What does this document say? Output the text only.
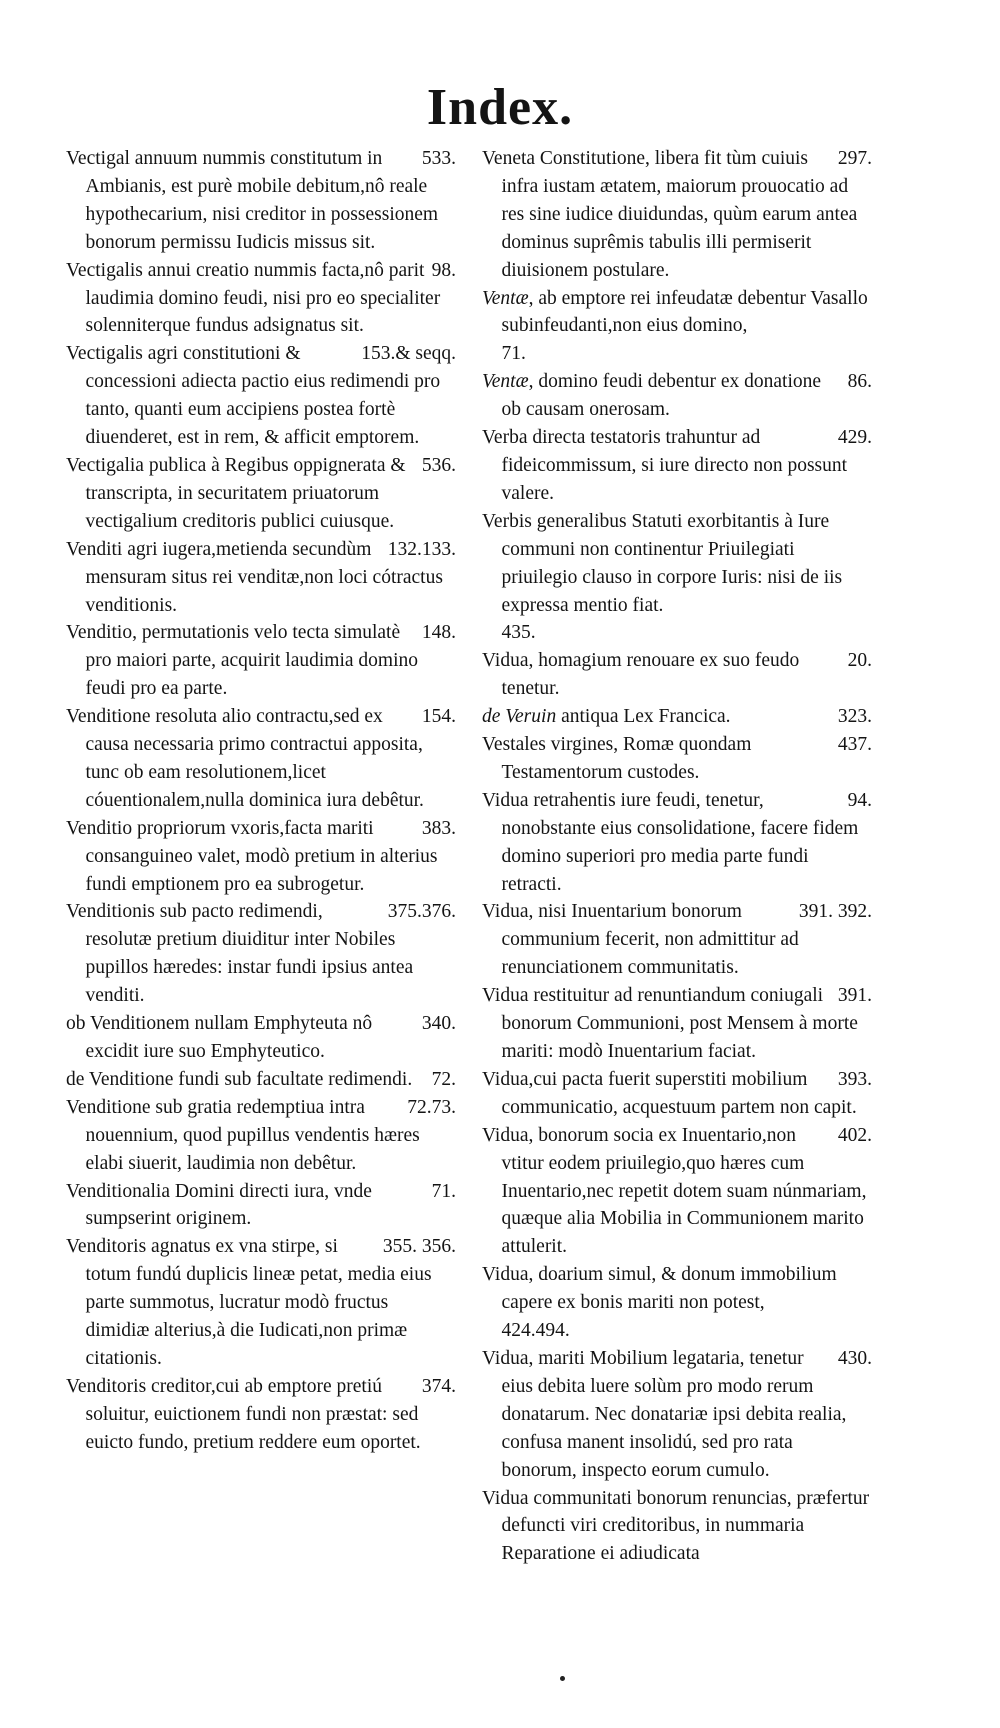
Index.

533.
Vectigal annuum nummis constitutum in Ambianis, est purè mobile debitum,nô reale hypothecarium, nisi creditor in possessionem bonorum permissu Iudicis missus sit.

98.
Vectigalis annui creatio nummis facta,nô parit laudimia domino feudi, nisi pro eo specialiter solenniterque fundus adsignatus sit.

153.& seqq.
Vectigalis agri constitutioni & concessioni adiecta pactio eius redimendi pro tanto, quanti eum accipiens postea fortè diuenderet, est in rem, & afficit emptorem.

536.
Vectigalia publica à Regibus oppignerata & transcripta, in securitatem priuatorum vectigalium creditoris publici cuiusque.

132.133.
Venditi agri iugera,metienda secundùm mensuram situs rei venditæ,non loci cótractus venditionis.

148.
Venditio, permutationis velo tecta simulatè pro maiori parte, acquirit laudimia domino feudi pro ea parte.

154.
Venditione resoluta alio contractu,sed ex causa necessaria primo contractui apposita, tunc ob eam resolutionem,licet cóuentionalem,nulla dominica iura debêtur.

383.
Venditio propriorum vxoris,facta mariti consanguineo valet, modò pretium in alterius fundi emptionem pro ea subrogetur.

375.376.
Venditionis sub pacto redimendi, resolutæ pretium diuiditur inter Nobiles pupillos hæredes: instar fundi ipsius antea venditi.

340.
ob Venditionem nullam Emphyteuta nô excidit iure suo Emphyteutico.

72.
de Venditione fundi sub facultate redimendi.

72.73.
Venditione sub gratia redemptiua intra nouennium, quod pupillus vendentis hæres elabi siuerit, laudimia non debêtur.

71.
Venditionalia Domini directi iura, vnde sumpserint originem.

355. 356.
Venditoris agnatus ex vna stirpe, si totum fundú duplicis lineæ petat, media eius parte summotus, lucratur modò fructus dimidiæ alterius,à die Iudicati,non primæ citationis.

374.
Venditoris creditor,cui ab emptore pretiú soluitur, euictionem fundi non præstat: sed euicto fundo, pretium reddere eum oportet.

297.
Veneta Constitutione, libera fit tùm cuiuis infra iustam ætatem, maiorum prouocatio ad res sine iudice diuidundas, quùm earum antea dominus suprêmis tabulis illi permiserit diuisionem postulare.

Ventæ, ab emptore rei infeudatæ debentur Vasallo subinfeudanti,non eius domino,
71.

86.
Ventæ, domino feudi debentur ex donatione ob causam onerosam.

429.
Verba directa testatoris trahuntur ad fideicommissum, si iure directo non possunt valere.

Verbis generalibus Statuti exorbitantis à Iure communi non continentur Priuilegiati priuilegio clauso in corpore Iuris: nisi de iis expressa mentio fiat.
435.

20.
Vidua, homagium renouare ex suo feudo tenetur.

323.
de Veruin antiqua Lex Francica.

437.
Vestales virgines, Romæ quondam Testamentorum custodes.

94.
Vidua retrahentis iure feudi, tenetur, nonobstante eius consolidatione, facere fidem domino superiori pro media parte fundi retracti.

391. 392.
Vidua, nisi Inuentarium bonorum communium fecerit, non admittitur ad renunciationem communitatis.

391.
Vidua restituitur ad renuntiandum coniugali bonorum Communioni, post Mensem à morte mariti: modò Inuentarium faciat.

393.
Vidua,cui pacta fuerit superstiti mobilium communicatio, acquestuum partem non capit.

402.
Vidua, bonorum socia ex Inuentario,non vtitur eodem priuilegio,quo hæres cum Inuentario,nec repetit dotem suam núnmariam, quæque alia Mobilia in Communionem marito attulerit.

Vidua, doarium simul, & donum immobilium capere ex bonis mariti non potest,
424.494.

430.
Vidua, mariti Mobilium legataria, tenetur eius debita luere solùm pro modo rerum donatarum. Nec donatariæ ipsi debita realia, confusa manent insolidú, sed pro rata bonorum, inspecto eorum cumulo.

Vidua communitati bonorum renuncias, præfertur defuncti viri creditoribus, in nummaria Reparatione ei adiudicata
